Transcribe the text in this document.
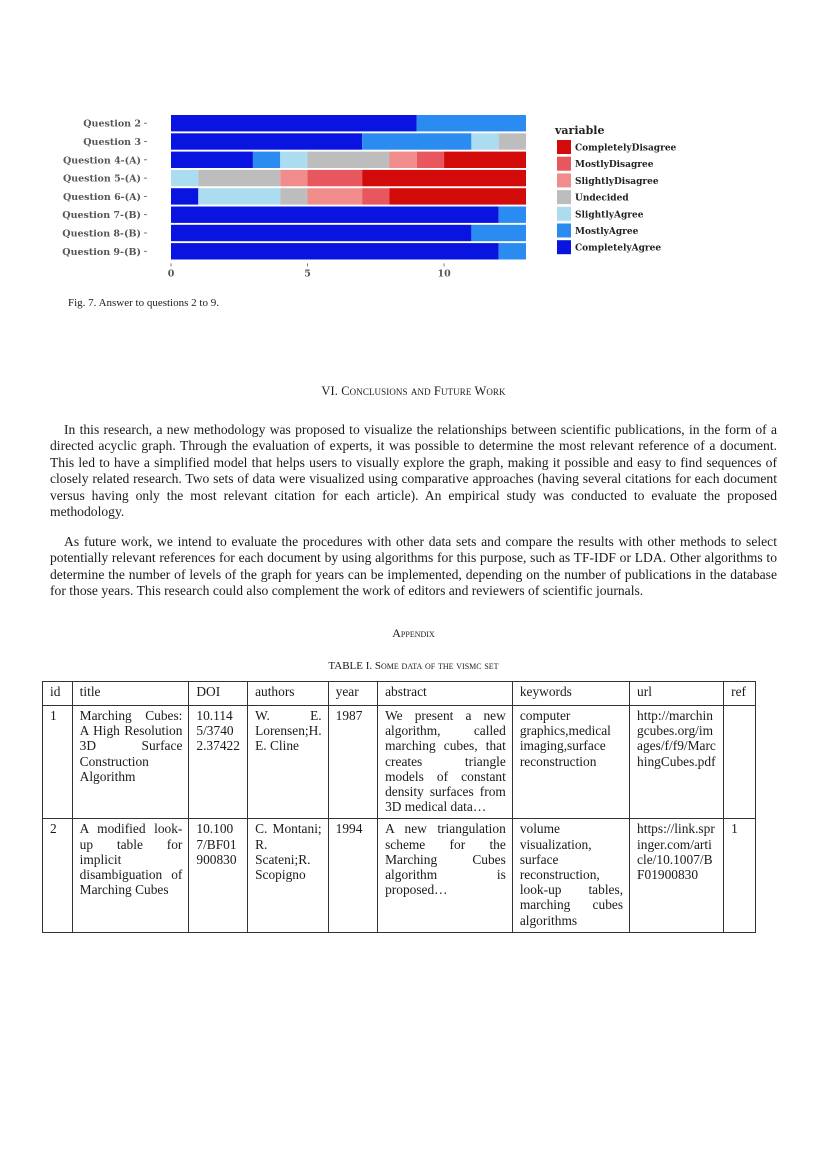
Question 2
Question 3
Question 4-(A)
Question 5-(A)
Question 6-(A)
Question 7-(B)
Question 8-(B)
Question 9-(B)
0	5	10
variable
CompletelyDisagree
MostlyDisagree
SlightlyDisagree
Undecided
SlightlyAgree
MostlyAgree
CompletelyAgree
Fig. 7. Answer to questions 2 to 9.
VI. Conclusions and Future Work

In this research, a new methodology was proposed to visualize the relationships between scientific publications, in the form of a directed acyclic graph. Through the evaluation of experts, it was possible to determine the most relevant reference of a document. This led to have a simplified model that helps users to visually explore the graph, making it possible and easy to find sequences of closely related research. Two sets of data were visualized using comparative approaches (having several citations for each document versus having only the most relevant citation for each article). An empirical study was conducted to evaluate the proposed methodology.

As future work, we intend to evaluate the procedures with other data sets and compare the results with other methods to select potentially relevant references for each document by using algorithms for this purpose, such as TF-IDF or LDA. Other algorithms to determine the number of levels of the graph for years can be implemented, depending on the number of publications in the database for those years. This research could also complement the work of editors and reviewers of scientific journals.

Appendix
TABLE I. Some data of the vismc set
id	title	DOI	authors	year	abstract	keywords	url	ref
1	Marching Cubes: A High Resolution 3D Surface Construction Algorithm	10.1145/37402.37422	W. E. Lorensen;H. E. Cline	1987	We present a new algorithm, called marching cubes, that creates triangle models of constant density surfaces from 3D medical data…	computer graphics,medical imaging,surface reconstruction	http://marchingcubes.org/images/f/f9/MarchingCubes.pdf	
2	A modified look-up table for implicit disambiguation of Marching Cubes	10.1007/BF01900830	C. Montani; R. Scateni;R. Scopigno	1994	A new triangulation scheme for the Marching Cubes algorithm is proposed…	volume visualization, surface reconstruction, look-up tables, marching cubes algorithms	https://link.springer.com/article/10.1007/BF01900830	1
